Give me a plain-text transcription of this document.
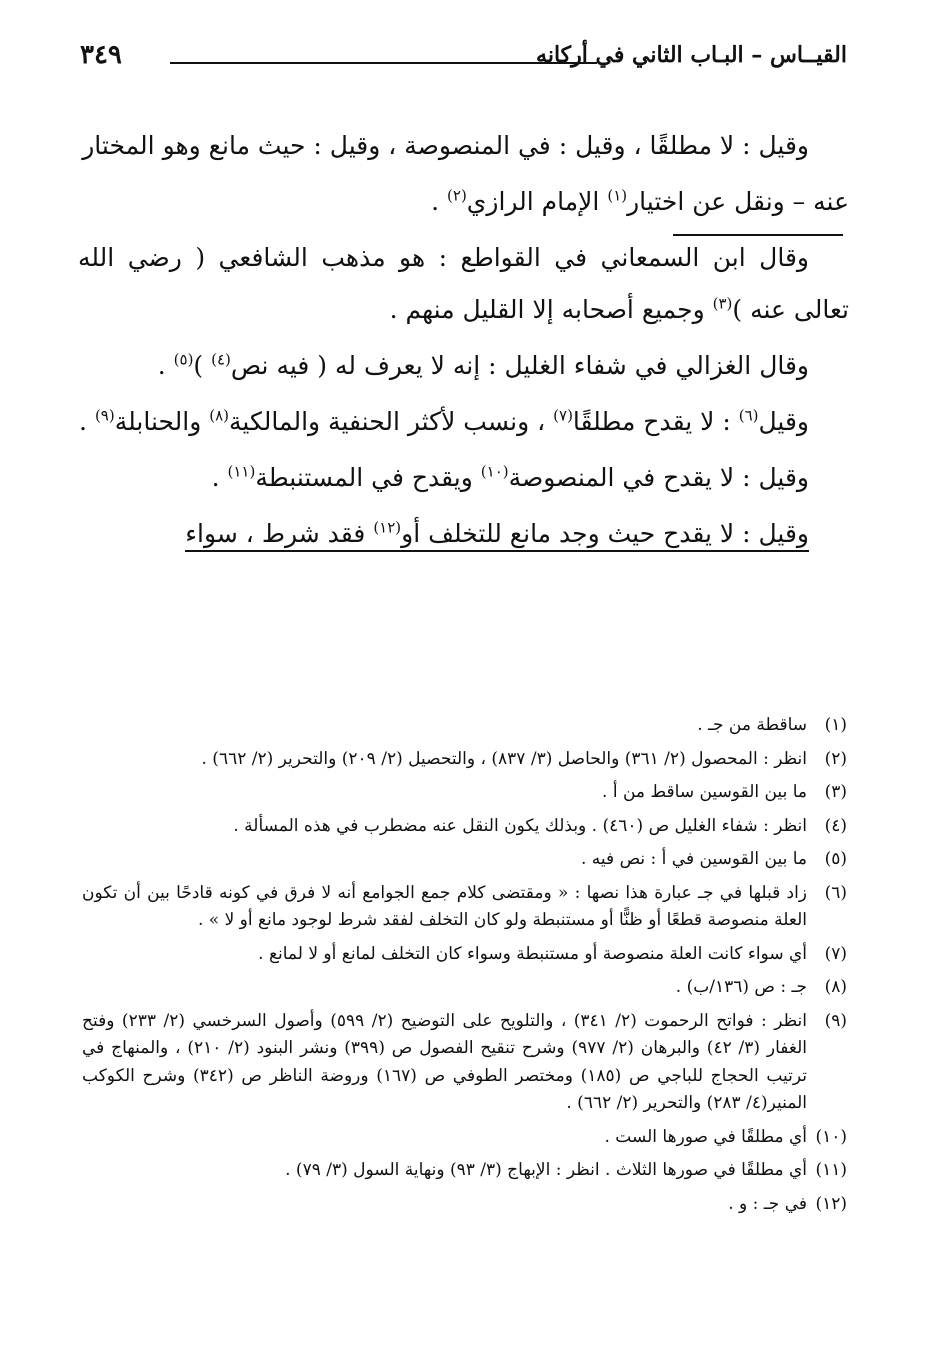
القيــاس – البـاب الثاني في أركانه
٣٤٩

وقيل : لا مطلقًا ، وقيل : في المنصوصة ، وقيل : حيث مانع وهو المختار

عنه – ونقل عن اختيار$^{(١)}$ الإمام الرازي$^{(٢)}$ .

وقال ابن السمعاني في القواطع : هو مذهب الشافعي ( رضي الله تعالى عنه )$^{(٣)}$ وجميع أصحابه إلا القليل منهم .

وقال الغزالي في شفاء الغليل : إنه لا يعرف له ( فيه نص$^{(٤)}$ )$^{(٥)}$ .

وقيل$^{(٦)}$ : لا يقدح مطلقًا$^{(٧)}$ ، ونسب لأكثر الحنفية والمالكية$^{(٨)}$ والحنابلة$^{(٩)}$ .

وقيل : لا يقدح في المنصوصة$^{(١٠)}$ ويقدح في المستنبطة$^{(١١)}$ .

وقيل : لا يقدح حيث وجد مانع للتخلف أو$^{(١٢)}$ فقد شرط ، سواء

(١)
ساقطة من جـ .
(٢)
انظر : المحصول (٢/ ٣٦١) والحاصل (٣/ ٨٣٧) ، والتحصيل (٢/ ٢٠٩) والتحرير (٢/ ٦٦٢) .
(٣)
ما بين القوسين ساقط من أ .
(٤)
انظر : شفاء الغليل ص (٤٦٠) . وبذلك يكون النقل عنه مضطرب في هذه المسألة .
(٥)
ما بين القوسين في أ : نص فيه .
(٦)
زاد قبلها في جـ عبارة هذا نصها : « ومقتضى كلام جمع الجوامع أنه لا فرق في كونه قادحًا بين أن تكون العلة منصوصة قطعًا أو ظنًّا أو مستنبطة ولو كان التخلف لفقد شرط لوجود مانع أو لا » .
(٧)
أي سواء كانت العلة منصوصة أو مستنبطة وسواء كان التخلف لمانع أو لا لمانع .
(٨)
جـ : ص (١٣٦/ب) .
(٩)
انظر : فواتح الرحموت (٢/ ٣٤١) ، والتلويح على التوضيح (٢/ ٥٩٩) وأصول السرخسي (٢/ ٢٣٣) وفتح الغفار (٣/ ٤٢) والبرهان (٢/ ٩٧٧) وشرح تنقيح الفصول ص (٣٩٩) ونشر البنود (٢/ ٢١٠) ، والمنهاج في ترتيب الحجاج للباجي ص (١٨٥) ومختصر الطوفي ص (١٦٧) وروضة الناظر ص (٣٤٢) وشرح الكوكب المنير(٤/ ٢٨٣) والتحرير (٢/ ٦٦٢) .
(١٠)
أي مطلقًا في صورها الست .
(١١)
أي مطلقًا في صورها الثلاث . انظر : الإبهاج (٣/ ٩٣) ونهاية السول (٣/ ٧٩) .
(١٢)
في جـ : و .
